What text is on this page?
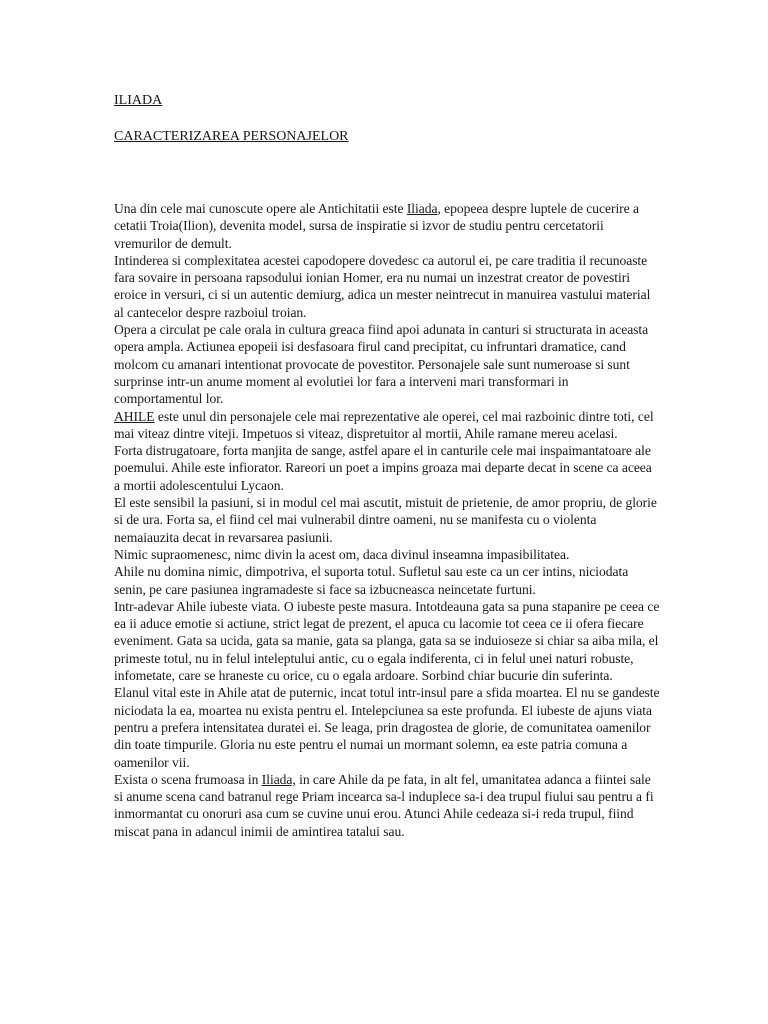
ILIADA
CARACTERIZAREA PERSONAJELOR

Una din cele mai cunoscute opere ale Antichitatii este Iliada, epopeea despre luptele de cucerire a cetatii Troia(Ilion), devenita model, sursa de inspiratie si izvor de studiu pentru cercetatorii vremurilor de demult.

Intinderea si complexitatea acestei capodopere dovedesc ca autorul ei, pe care traditia il recunoaste fara sovaire in persoana rapsodului ionian Homer, era nu numai un inzestrat creator de povestiri eroice in versuri, ci si un autentic demiurg, adica un mester neintrecut in manuirea vastului material al cantecelor despre razboiul troian.

Opera a circulat pe cale orala in cultura greaca fiind apoi adunata in canturi si structurata in aceasta opera ampla. Actiunea epopeii isi desfasoara firul cand precipitat, cu infruntari dramatice, cand molcom cu amanari intentionat provocate de povestitor. Personajele sale sunt numeroase si sunt surprinse intr-un anume moment al evolutiei lor fara a interveni mari transformari in comportamentul lor.

AHILE este unul din personajele cele mai reprezentative ale operei, cel mai razboinic dintre toti, cel mai viteaz dintre viteji. Impetuos si viteaz, dispretuitor al mortii, Ahile ramane mereu acelasi.

Forta distrugatoare, forta manjita de sange, astfel apare el in canturile cele mai inspaimantatoare ale poemului. Ahile este infiorator. Rareori un poet a impins groaza mai departe decat in scene ca aceea a mortii adolescentului Lycaon.

El este sensibil la pasiuni, si in modul cel mai ascutit, mistuit de prietenie, de amor propriu, de glorie si de ura. Forta sa, el fiind cel mai vulnerabil dintre oameni, nu se manifesta cu o violenta nemaiauzita decat in revarsarea pasiunii.

Nimic supraomenesc, nimc divin la acest om, daca divinul inseamna impasibilitatea.

Ahile nu domina nimic, dimpotriva, el suporta totul. Sufletul sau este ca un cer intins, niciodata senin, pe care pasiunea ingramadeste si face sa izbucneasca neincetate furtuni.

Intr-adevar Ahile iubeste viata. O iubeste peste masura. Intotdeauna gata sa puna stapanire pe ceea ce ea ii aduce emotie si actiune, strict legat de prezent, el apuca cu lacomie tot ceea ce ii ofera fiecare eveniment. Gata sa ucida, gata sa manie, gata sa planga, gata sa se induioseze si chiar sa aiba mila, el primeste totul, nu in felul inteleptului antic, cu o egala indiferenta, ci in felul unei naturi robuste, infometate, care se hraneste cu orice, cu o egala ardoare. Sorbind chiar bucurie din suferinta.

Elanul vital este in Ahile atat de puternic, incat totul intr-insul pare a sfida moartea. El nu se gandeste niciodata la ea, moartea nu exista pentru el. Intelepciunea sa este profunda. El iubeste de ajuns viata pentru a prefera intensitatea duratei ei. Se leaga, prin dragostea de glorie, de comunitatea oamenilor din toate timpurile. Gloria nu este pentru el numai un mormant solemn, ea este patria comuna a oamenilor vii.

Exista o scena frumoasa in Iliada, in care Ahile da pe fata, in alt fel, umanitatea adanca a fiintei sale si anume scena cand batranul rege Priam incearca sa-l induplece sa-i dea trupul fiului sau pentru a fi inmormantat cu onoruri asa cum se cuvine unui erou. Atunci Ahile cedeaza si-i reda trupul, fiind miscat pana in adancul inimii de amintirea tatalui sau.
